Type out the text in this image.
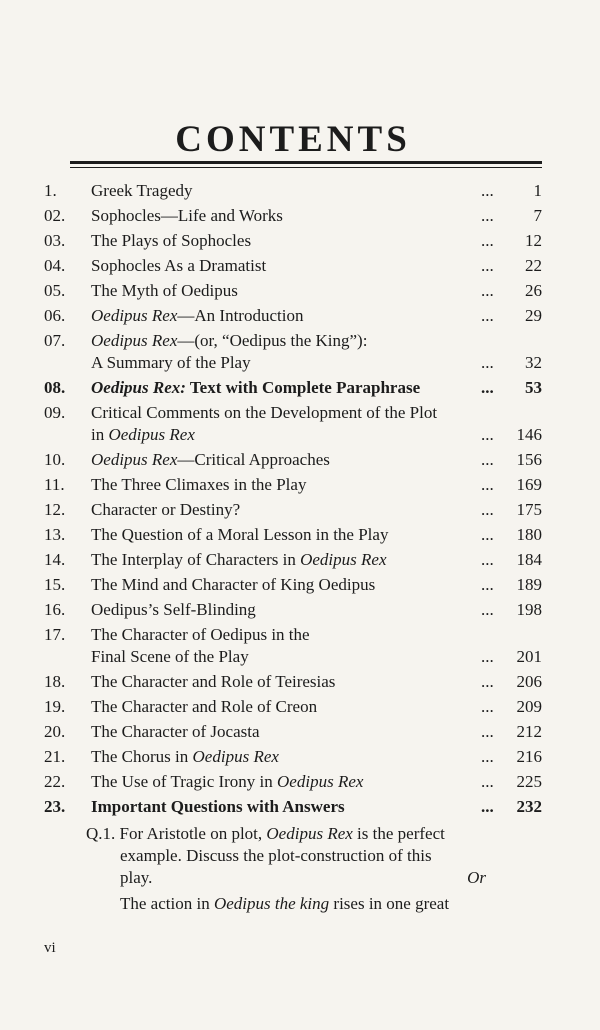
CONTENTS
1. Greek Tragedy	... 1
02. Sophocles—Life and Works	... 7
03. The Plays of Sophocles	... 12
04. Sophocles As a Dramatist	... 22
05. The Myth of Oedipus	... 26
06. Oedipus Rex—An Introduction	... 29
07. Oedipus Rex—(or, “Oedipus the King”):
A Summary of the Play	... 32
08. Oedipus Rex: Text with Complete Paraphrase	... 53
09. Critical Comments on the Development of the Plot
in Oedipus Rex	... 146
10. Oedipus Rex—Critical Approaches	... 156
11. The Three Climaxes in the Play	... 169
12. Character or Destiny?	... 175
13. The Question of a Moral Lesson in the Play	... 180
14. The Interplay of Characters in Oedipus Rex	... 184
15. The Mind and Character of King Oedipus	... 189
16. Oedipus’s Self-Blinding	... 198
17. The Character of Oedipus in the
Final Scene of the Play	... 201
18. The Character and Role of Teiresias	... 206
19. The Character and Role of Creon	... 209
20. The Character of Jocasta	... 212
21. The Chorus in Oedipus Rex	... 216
22. The Use of Tragic Irony in Oedipus Rex	... 225
23. Important Questions with Answers	... 232
Q.1. For Aristotle on plot, Oedipus Rex is the perfect
example. Discuss the plot-construction of this
play.	Or
The action in Oedipus the king rises in one great
vi
